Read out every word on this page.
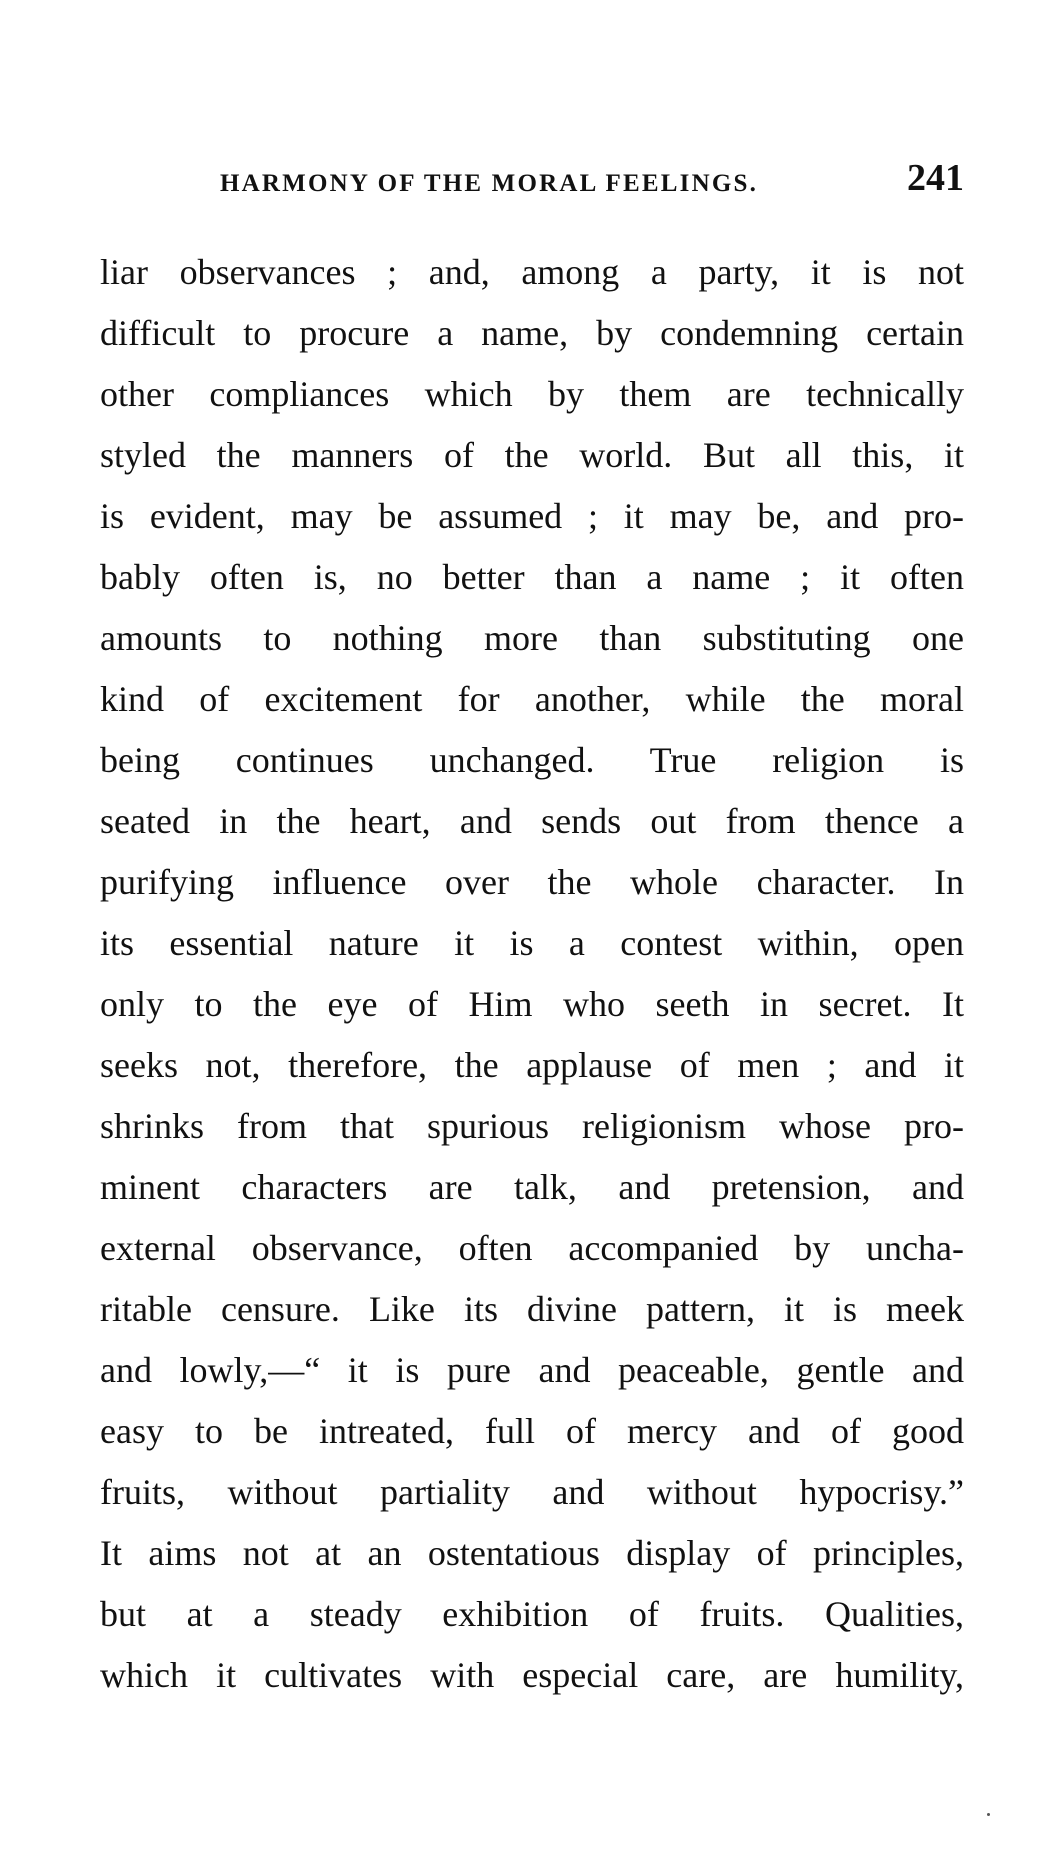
HARMONY OF THE MORAL FEELINGS.	241
liar observances ; and, among a party, it is not
difficult to procure a name, by condemning certain
other compliances which by them are technically
styled the manners of the world. But all this, it
is evident, may be assumed ; it may be, and pro-
bably often is, no better than a name ; it often
amounts to nothing more than substituting one
kind of excitement for another, while the moral
being continues unchanged. True religion is
seated in the heart, and sends out from thence a
purifying influence over the whole character. In
its essential nature it is a contest within, open
only to the eye of Him who seeth in secret. It
seeks not, therefore, the applause of men ; and it
shrinks from that spurious religionism whose pro-
minent characters are talk, and pretension, and
external observance, often accompanied by uncha-
ritable censure. Like its divine pattern, it is meek
and lowly,—“ it is pure and peaceable, gentle and
easy to be intreated, full of mercy and of good
fruits, without partiality and without hypocrisy.”
It aims not at an ostentatious display of principles,
but at a steady exhibition of fruits. Qualities,
which it cultivates with especial care, are humility,
